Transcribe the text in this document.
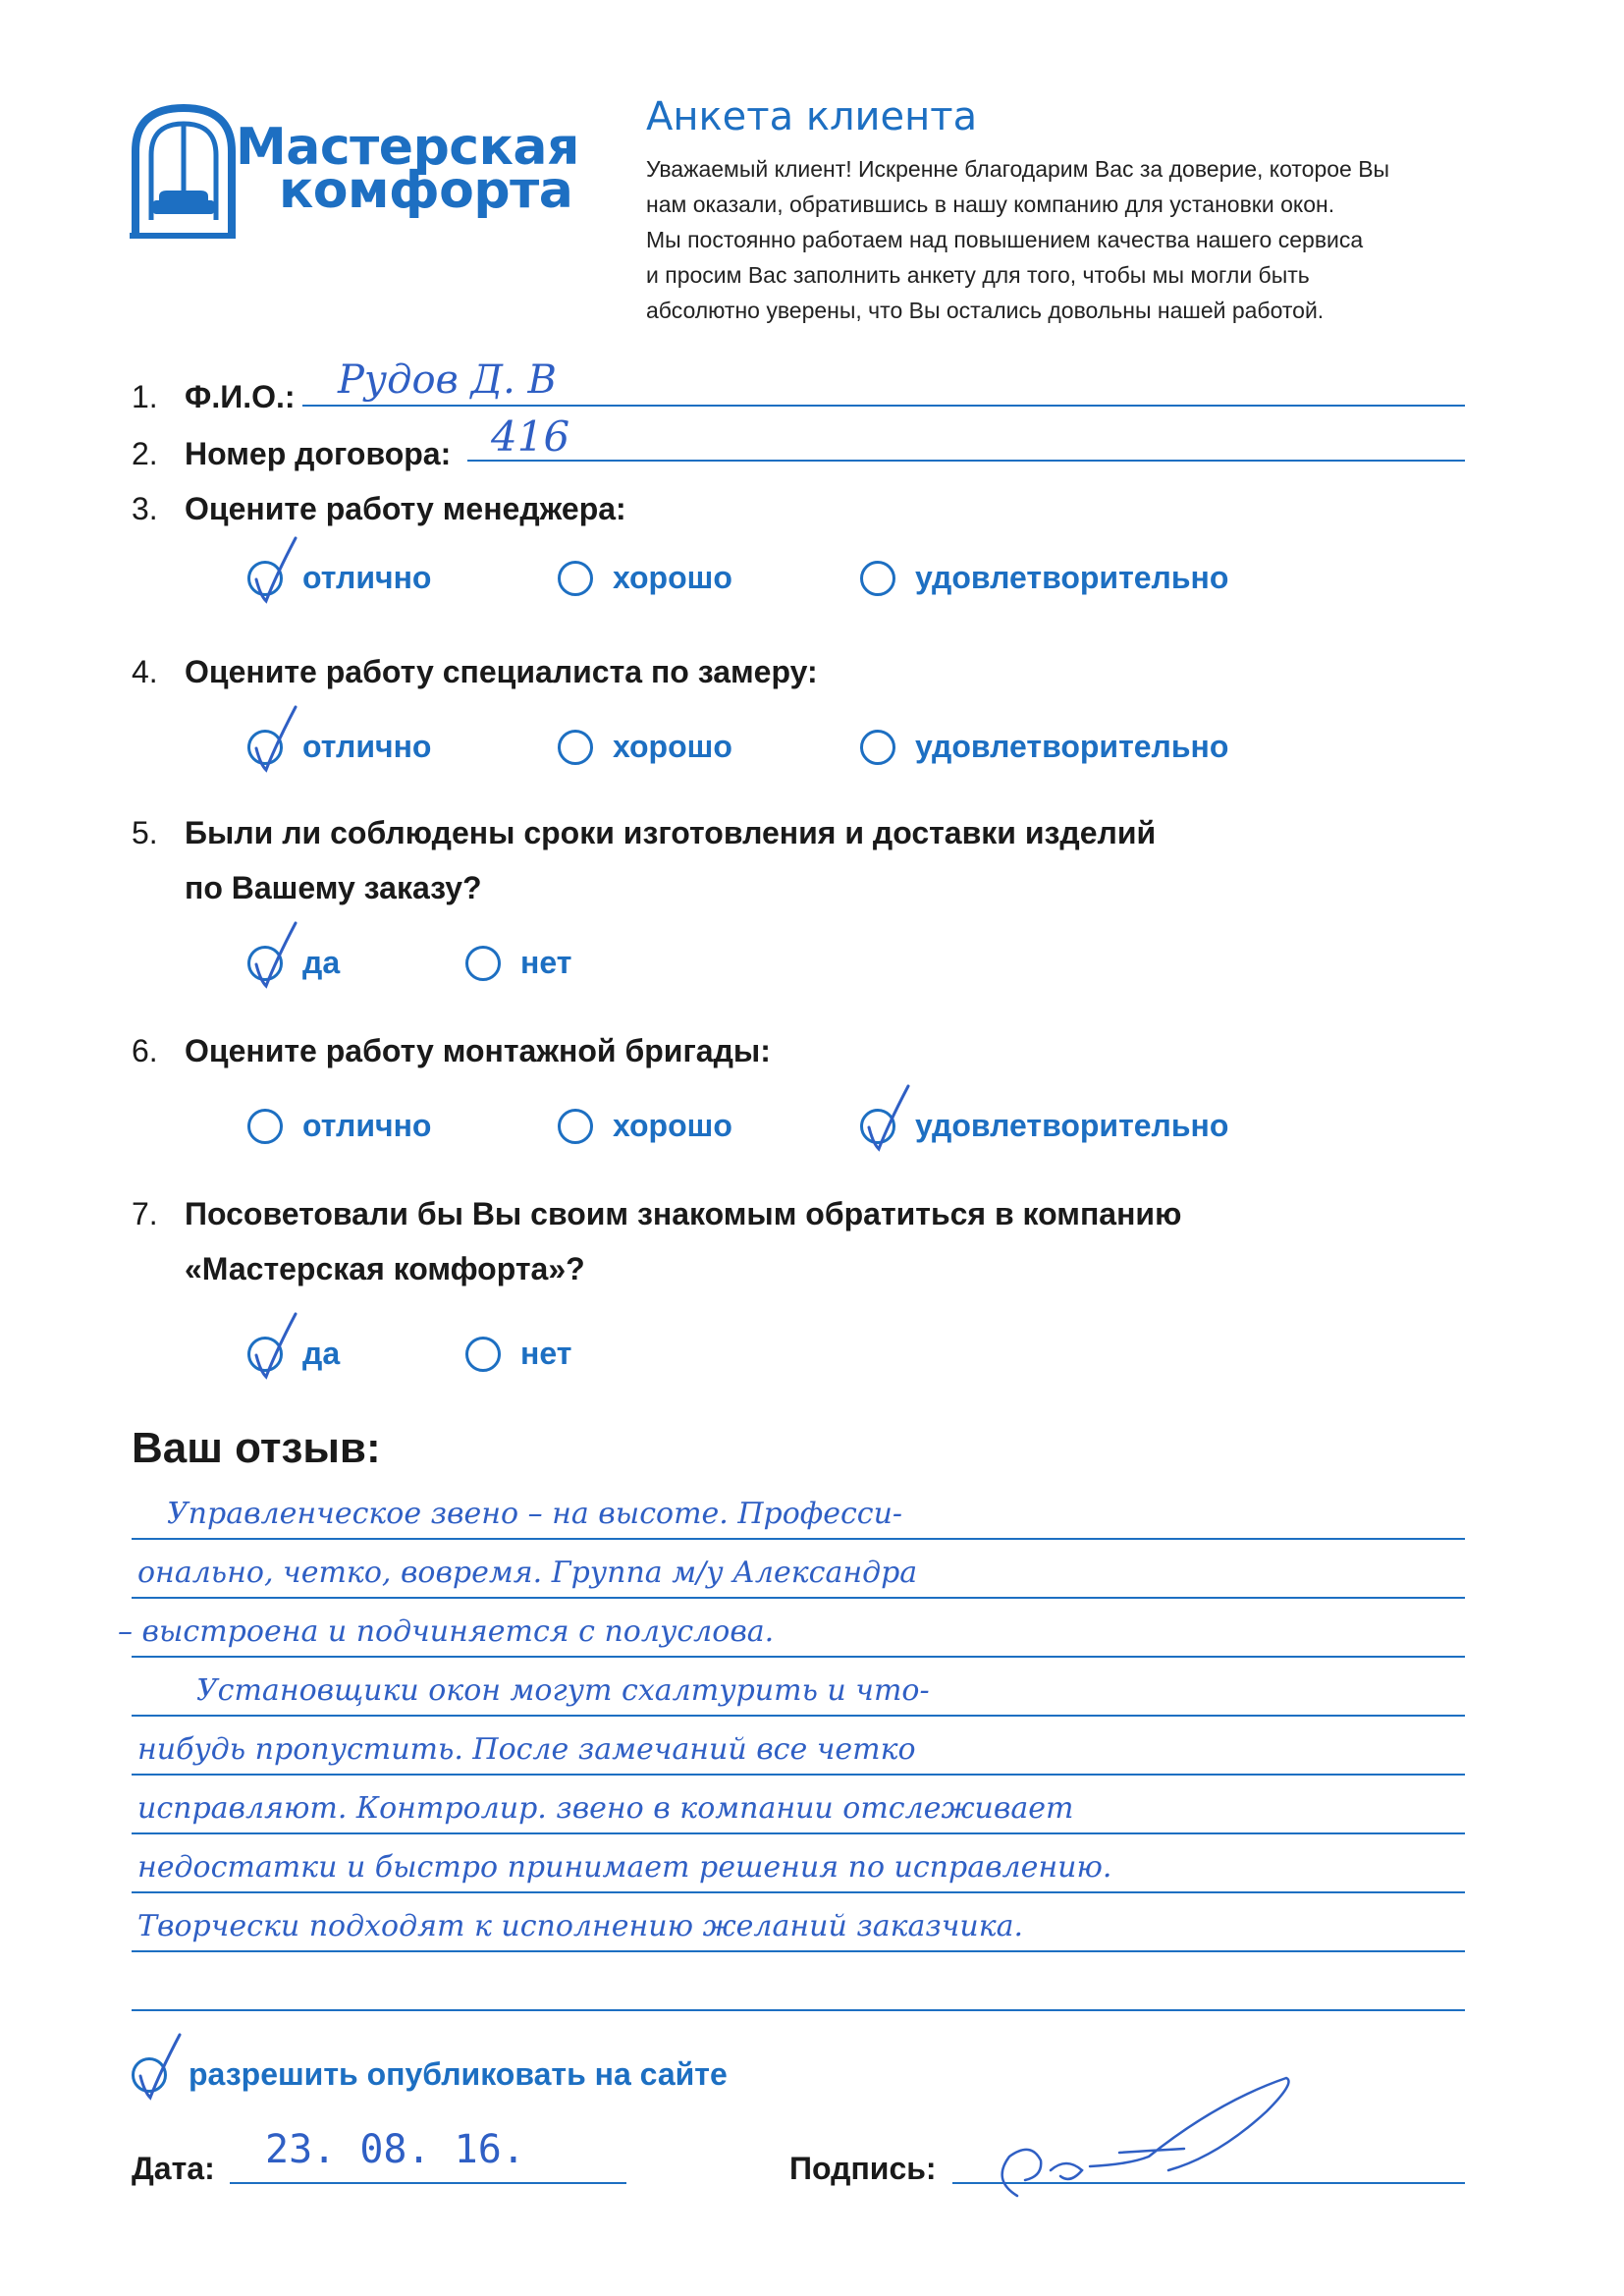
Мастерская
комфорта
Анкета клиента
Уважаемый клиент! Искренне благодарим Вас за доверие, которое Вы
нам оказали, обратившись в нашу компанию для установки окон.
Мы постоянно работаем над повышением качества нашего сервиса
и просим Вас заполнить анкету для того, чтобы мы могли быть
абсолютно уверены, что Вы остались довольны нашей работой.
1. Ф.И.О.: Рудов Д. В
2. Номер договора: 416
3. Оцените работу менеджера:
отлично	хорошо	удовлетворительно
4. Оцените работу специалиста по замеру:
отлично	хорошо	удовлетворительно
5. Были ли соблюдены сроки изготовления и доставки изделий
по Вашему заказу?
да	нет
6. Оцените работу монтажной бригады:
отлично	хорошо	удовлетворительно
7. Посоветовали бы Вы своим знакомым обратиться в компанию
«Мастерская комфорта»?
да	нет
Ваш отзыв:
Управленческое звено – на высоте. Професси-
онально, четко, вовремя. Группа м/у Александра
– выстроена и подчиняется с полуслова.
Установщики окон могут схалтурить и что-
нибудь пропустить. После замечаний все четко
исправляют. Контролир. звено в компании отслеживает
недостатки и быстро принимает решения по исправлению.
Творчески подходят к исполнению желаний заказчика.
разрешить опубликовать на сайте
Дата: 23. 08. 16.	Подпись:
